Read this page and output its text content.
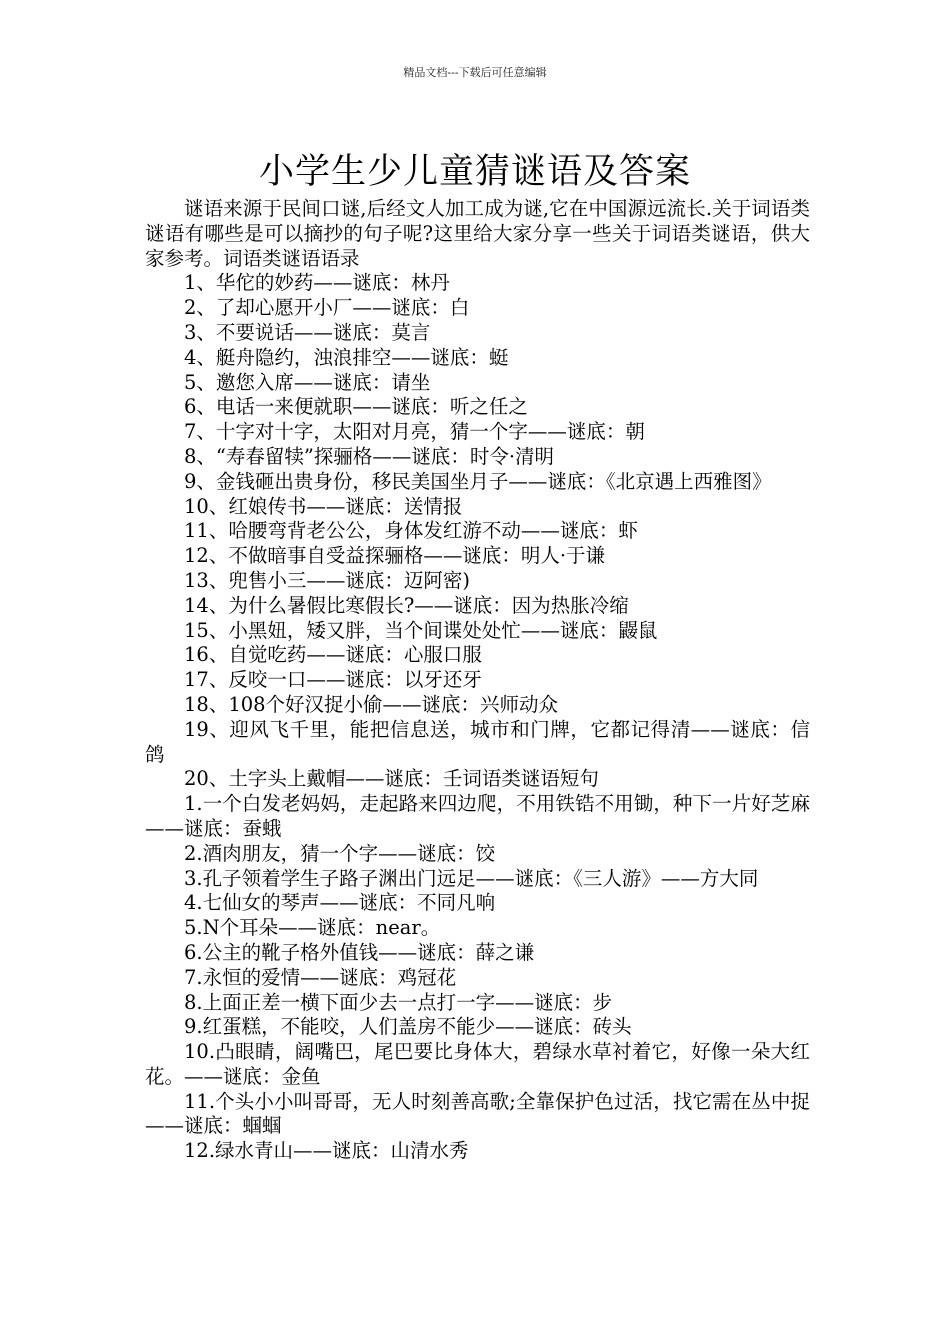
精品文档---下载后可任意编辑
小学生少儿童猜谜语及答案

谜语来源于民间口谜,后经文人加工成为谜,它在中国源远流长.关于词语类谜语有哪些是可以摘抄的句子呢?这里给大家分享一些关于词语类谜语，供大家参考。词语类谜语语录

1、华佗的妙药——谜底：林丹

2、了却心愿开小厂——谜底：白

3、不要说话——谜底：莫言

4、艇舟隐约，浊浪排空——谜底：蜓

5、邀您入席——谜底：请坐

6、电话一来便就职——谜底：听之任之

7、十字对十字，太阳对月亮，猜一个字——谜底：朝

8、“寿春留犊”探骊格——谜底：时令·清明

9、金钱砸出贵身份，移民美国坐月子——谜底：《北京遇上西雅图》

10、红娘传书——谜底：送情报

11、哈腰弯背老公公，身体发红游不动——谜底：虾

12、不做暗事自受益探骊格——谜底：明人·于谦

13、兜售小三——谜底：迈阿密)

14、为什么暑假比寒假长?——谜底：因为热胀冷缩

15、小黑妞，矮又胖，当个间谍处处忙——谜底：鼹鼠

16、自觉吃药——谜底：心服口服

17、反咬一口——谜底：以牙还牙

18、108个好汉捉小偷——谜底：兴师动众

19、迎风飞千里，能把信息送，城市和门牌，它都记得清——谜底：信鸽

20、土字头上戴帽——谜底：壬词语类谜语短句

1.一个白发老妈妈，走起路来四边爬，不用铁锆不用锄，种下一片好芝麻——谜底：蚕蛾

2.酒肉朋友，猜一个字——谜底：饺

3.孔子领着学生子路子渊出门远足——谜底：《三人游》——方大同

4.七仙女的琴声——谜底：不同凡响

5.N个耳朵——谜底：near。

6.公主的靴子格外值钱——谜底：薛之谦

7.永恒的爱情——谜底：鸡冠花

8.上面正差一横下面少去一点打一字——谜底：步

9.红蛋糕，不能咬，人们盖房不能少——谜底：砖头

10.凸眼睛，阔嘴巴，尾巴要比身体大，碧绿水草衬着它，好像一朵大红花。——谜底：金鱼

11.个头小小叫哥哥，无人时刻善高歌;全靠保护色过活，找它需在丛中捉——谜底：蝈蝈

12.绿水青山——谜底：山清水秀
